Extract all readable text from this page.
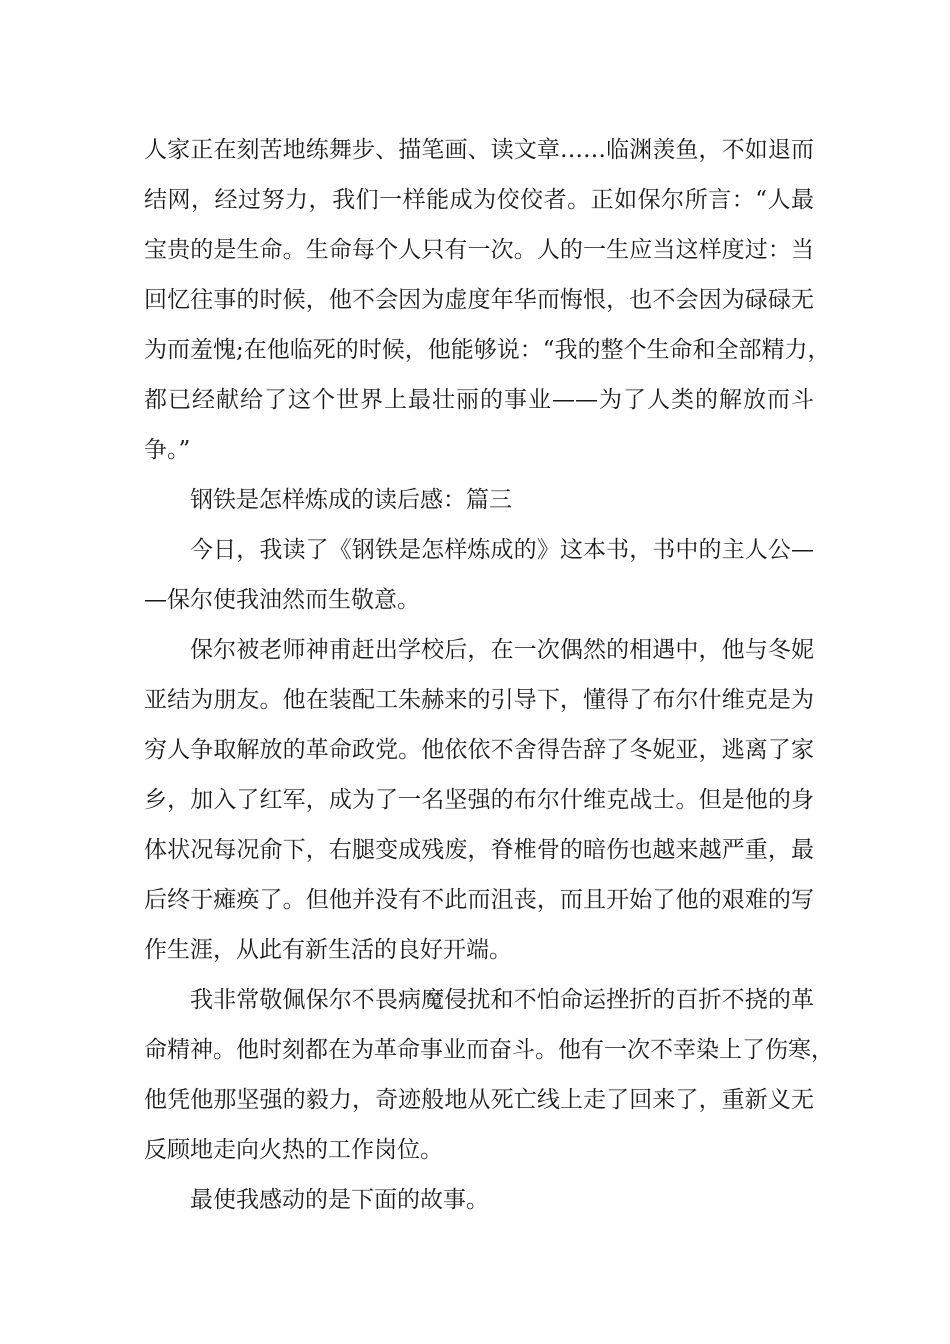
人家正在刻苦地练舞步、描笔画、读文章……临渊羡鱼，不如退而
结网，经过努力，我们一样能成为佼佼者。正如保尔所言：“人最
宝贵的是生命。生命每个人只有一次。人的一生应当这样度过：当
回忆往事的时候，他不会因为虚度年华而悔恨，也不会因为碌碌无
为而羞愧;在他临死的时候，他能够说：“我的整个生命和全部精力，
都已经献给了这个世界上最壮丽的事业——为了人类的解放而斗
争。”
钢铁是怎样炼成的读后感：篇三
今日，我读了《钢铁是怎样炼成的》这本书，书中的主人公—
—保尔使我油然而生敬意。
保尔被老师神甫赶出学校后，在一次偶然的相遇中，他与冬妮
亚结为朋友。他在装配工朱赫来的引导下，懂得了布尔什维克是为
穷人争取解放的革命政党。他依依不舍得告辞了冬妮亚，逃离了家
乡，加入了红军，成为了一名坚强的布尔什维克战士。但是他的身
体状况每况俞下，右腿变成残废，脊椎骨的暗伤也越来越严重，最
后终于瘫痪了。但他并没有不此而沮丧，而且开始了他的艰难的写
作生涯，从此有新生活的良好开端。
我非常敬佩保尔不畏病魔侵扰和不怕命运挫折的百折不挠的革
命精神。他时刻都在为革命事业而奋斗。他有一次不幸染上了伤寒，
他凭他那坚强的毅力，奇迹般地从死亡线上走了回来了，重新义无
反顾地走向火热的工作岗位。
最使我感动的是下面的故事。
